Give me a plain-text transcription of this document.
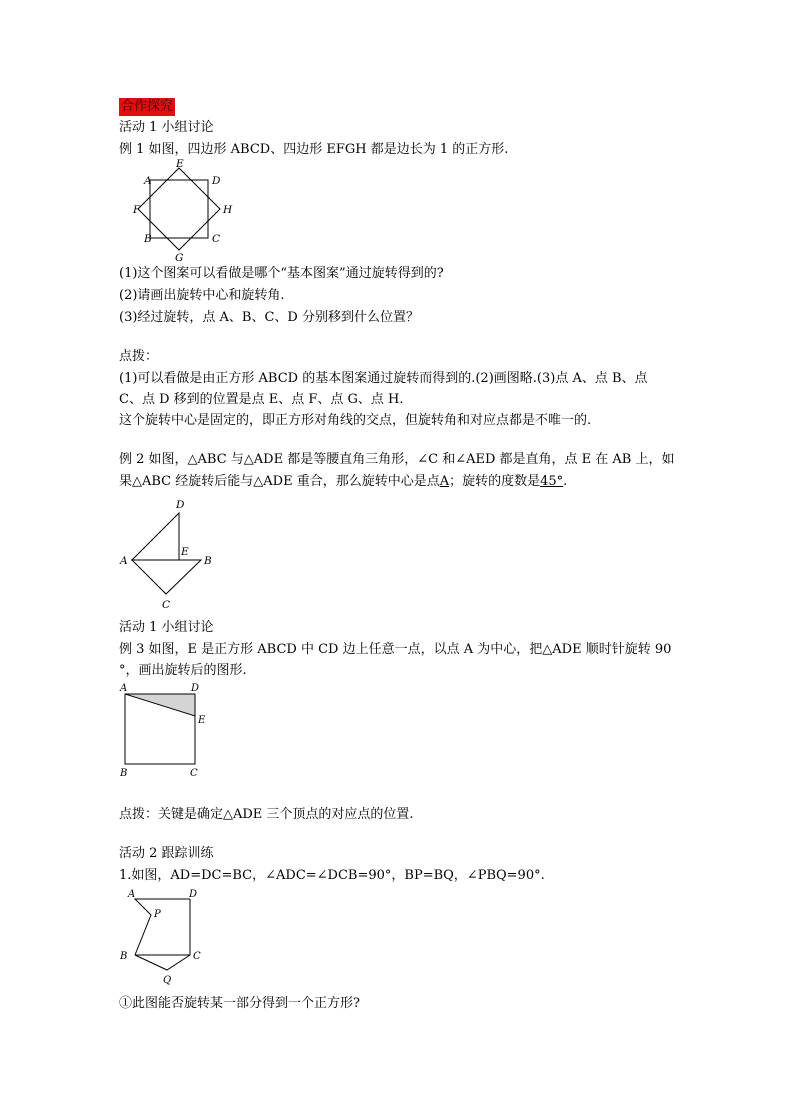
合作探究
活动 1 小组讨论
例 1 如图，四边形 ABCD、四边形 EFGH 都是边长为 1 的正方形.
A
E
D
F	H
B	C
G
(1)这个图案可以看做是哪个“基本图案”通过旋转得到的?
(2)请画出旋转中心和旋转角.
(3)经过旋转，点 A、B、C、D 分别移到什么位置？
点拨：
(1)可以看做是由正方形 ABCD 的基本图案通过旋转而得到的.(2)画图略.(3)点 A、点 B、点
C、点 D 移到的位置是点 E、点 F、点 G、点 H.
这个旋转中心是固定的，即正方形对角线的交点，但旋转角和对应点都是不唯一的.
例 2 如图，△ABC 与△ADE 都是等腰直角三角形，∠C 和∠AED 都是直角，点 E 在 AB 上，如
果△ABC 经旋转后能与△ADE 重合，那么旋转中心是点A；旋转的度数是45°.
A
D
E
B
C
活动 1 小组讨论
例 3 如图，E 是正方形 ABCD 中 CD 边上任意一点，以点 A 为中心，把△ADE 顺时针旋转 90
°，画出旋转后的图形.
A	D
E
B	C
点拨：关键是确定△ADE 三个顶点的对应点的位置.
活动 2 跟踪训练
1.如图，AD=DC=BC，∠ADC=∠DCB=90°，BP=BQ，∠PBQ=90°.
A	D
P
B	C
Q
①此图能否旋转某一部分得到一个正方形?
